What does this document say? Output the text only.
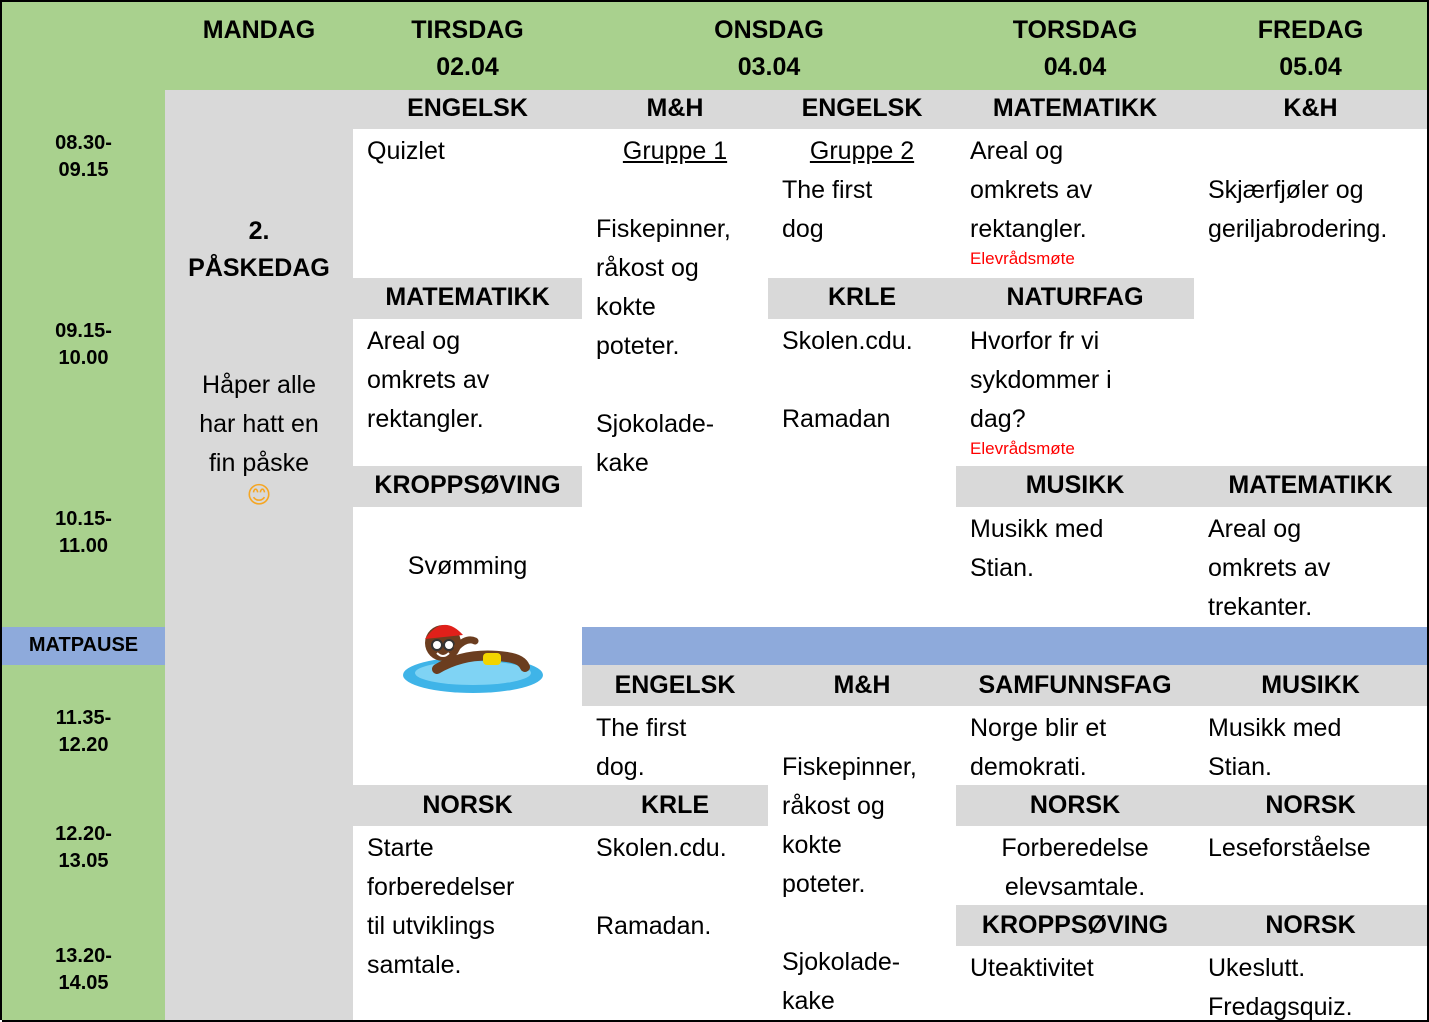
MANDAG	TIRSDAG
02.04
ONSDAG
03.04
TORSDAG
04.04
FREDAG
05.04
08.30-
09.15
09.15-
10.00
10.15-
11.00
MATPAUSE
11.35-
12.20
12.20-
13.05
13.20-
14.05
2.
PÅSKEDAG
Håper alle
har hatt en
fin påske
😊
ENGELSK
Quizlet
MATEMATIKK
Areal og
omkrets av
rektangler.
KROPPSØVING
Svømming
NORSK
Starte
forberedelser
til utviklings
samtale.
M&H
Gruppe 1
Fiskepinner,
råkost og
kokte
poteter.

Sjokolade-
kake
ENGELSK
Gruppe 2
The first
dog
KRLE
Skolen.cdu.

Ramadan
ENGELSK
The first
dog.
KRLE
Skolen.cdu.

Ramadan.
M&H
Fiskepinner,
råkost og
kokte
poteter.

Sjokolade-
kake
MATEMATIKK
Areal og
omkrets av
rektangler.
Elevrådsmøte
NATURFAG
Hvorfor fr vi
sykdommer i
dag?
Elevrådsmøte
MUSIKK
Musikk med
Stian.
SAMFUNNSFAG
Norge blir et
demokrati.
NORSK
Forberedelse
elevsamtale.
KROPPSØVING
Uteaktivitet
K&H
Skjærfjøler og
geriljabrodering.
MATEMATIKK
Areal og
omkrets av
trekanter.
MUSIKK
Musikk med
Stian.
NORSK
Leseforståelse
NORSK
Ukeslutt.
Fredagsquiz.
